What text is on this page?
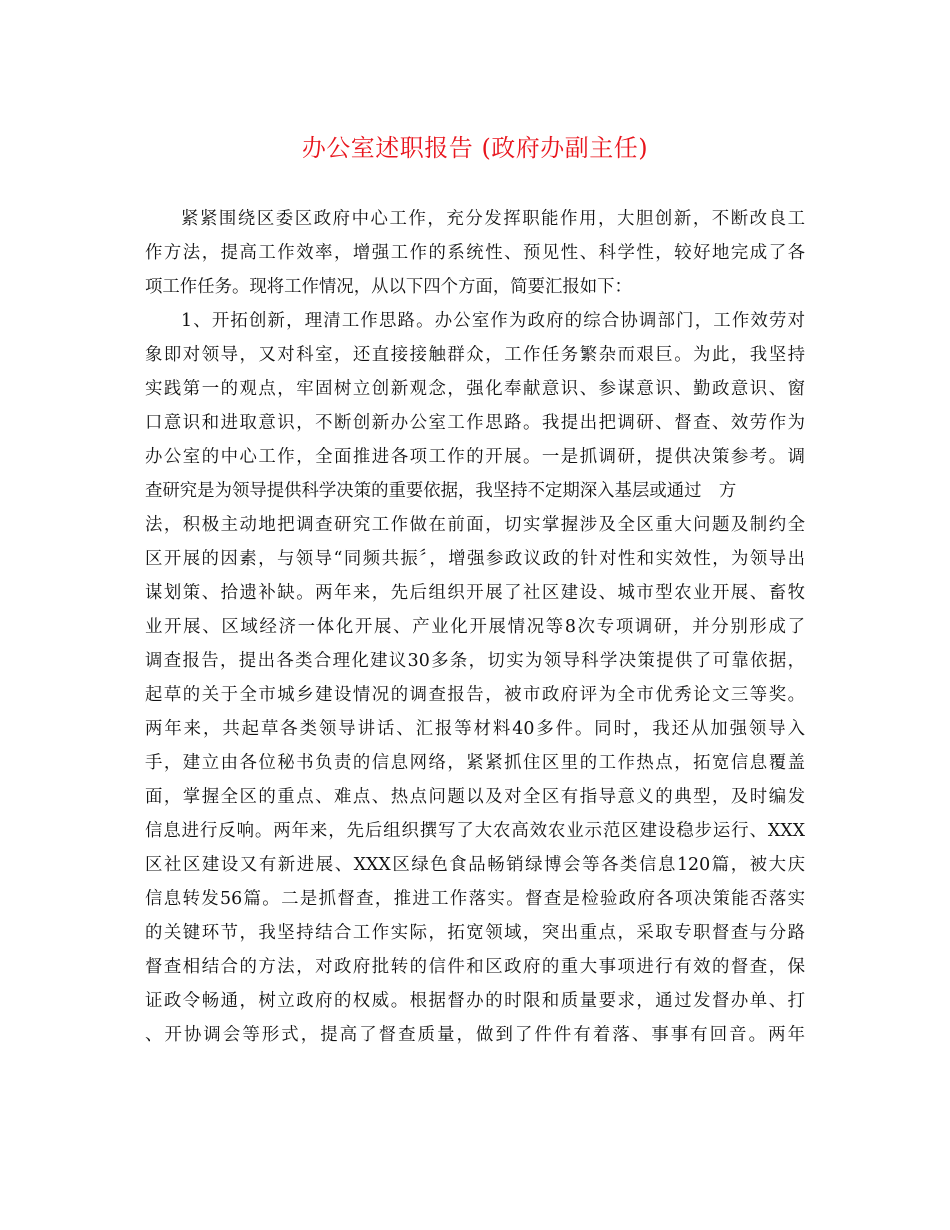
办公室述职报告 (政府办副主任)
紧紧围绕区委区政府中心工作，充分发挥职能作用，大胆创新，不断改良工
作方法，提高工作效率，增强工作的系统性、预见性、科学性，较好地完成了各
项工作任务。现将工作情况，从以下四个方面，简要汇报如下：
1、开拓创新，理清工作思路。办公室作为政府的综合协调部门，工作效劳对
象即对领导，又对科室，还直接接触群众，工作任务繁杂而艰巨。为此，我坚持
实践第一的观点，牢固树立创新观念，强化奉献意识、参谋意识、勤政意识、窗
口意识和进取意识，不断创新办公室工作思路。我提出把调研、督查、效劳作为
办公室的中心工作，全面推进各项工作的开展。一是抓调研，提供决策参考。调
查研究是为领导提供科学决策的重要依据，我坚持不定期深入基层或通过　方
法，积极主动地把调查研究工作做在前面，切实掌握涉及全区重大问题及制约全
区开展的因素，与领导“同频共振〞，增强参政议政的针对性和实效性，为领导出
谋划策、拾遗补缺。两年来，先后组织开展了社区建设、城市型农业开展、畜牧
业开展、区域经济一体化开展、产业化开展情况等8次专项调研，并分别形成了
调查报告，提出各类合理化建议30多条，切实为领导科学决策提供了可靠依据，
起草的关于全市城乡建设情况的调查报告，被市政府评为全市优秀论文三等奖。
两年来，共起草各类领导讲话、汇报等材料40多件。同时，我还从加强领导入
手，建立由各位秘书负责的信息网络，紧紧抓住区里的工作热点，拓宽信息覆盖
面，掌握全区的重点、难点、热点问题以及对全区有指导意义的典型，及时编发
信息进行反响。两年来，先后组织撰写了大农高效农业示范区建设稳步运行、XXX
区社区建设又有新进展、XXX区绿色食品畅销绿博会等各类信息120篇，被大庆
信息转发56篇。二是抓督查，推进工作落实。督查是检验政府各项决策能否落实
的关键环节，我坚持结合工作实际，拓宽领域，突出重点，采取专职督查与分路
督查相结合的方法，对政府批转的信件和区政府的重大事项进行有效的督查，保
证政令畅通，树立政府的权威。根据督办的时限和质量要求，通过发督办单、打
、开协调会等形式，提高了督查质量，做到了件件有着落、事事有回音。两年
